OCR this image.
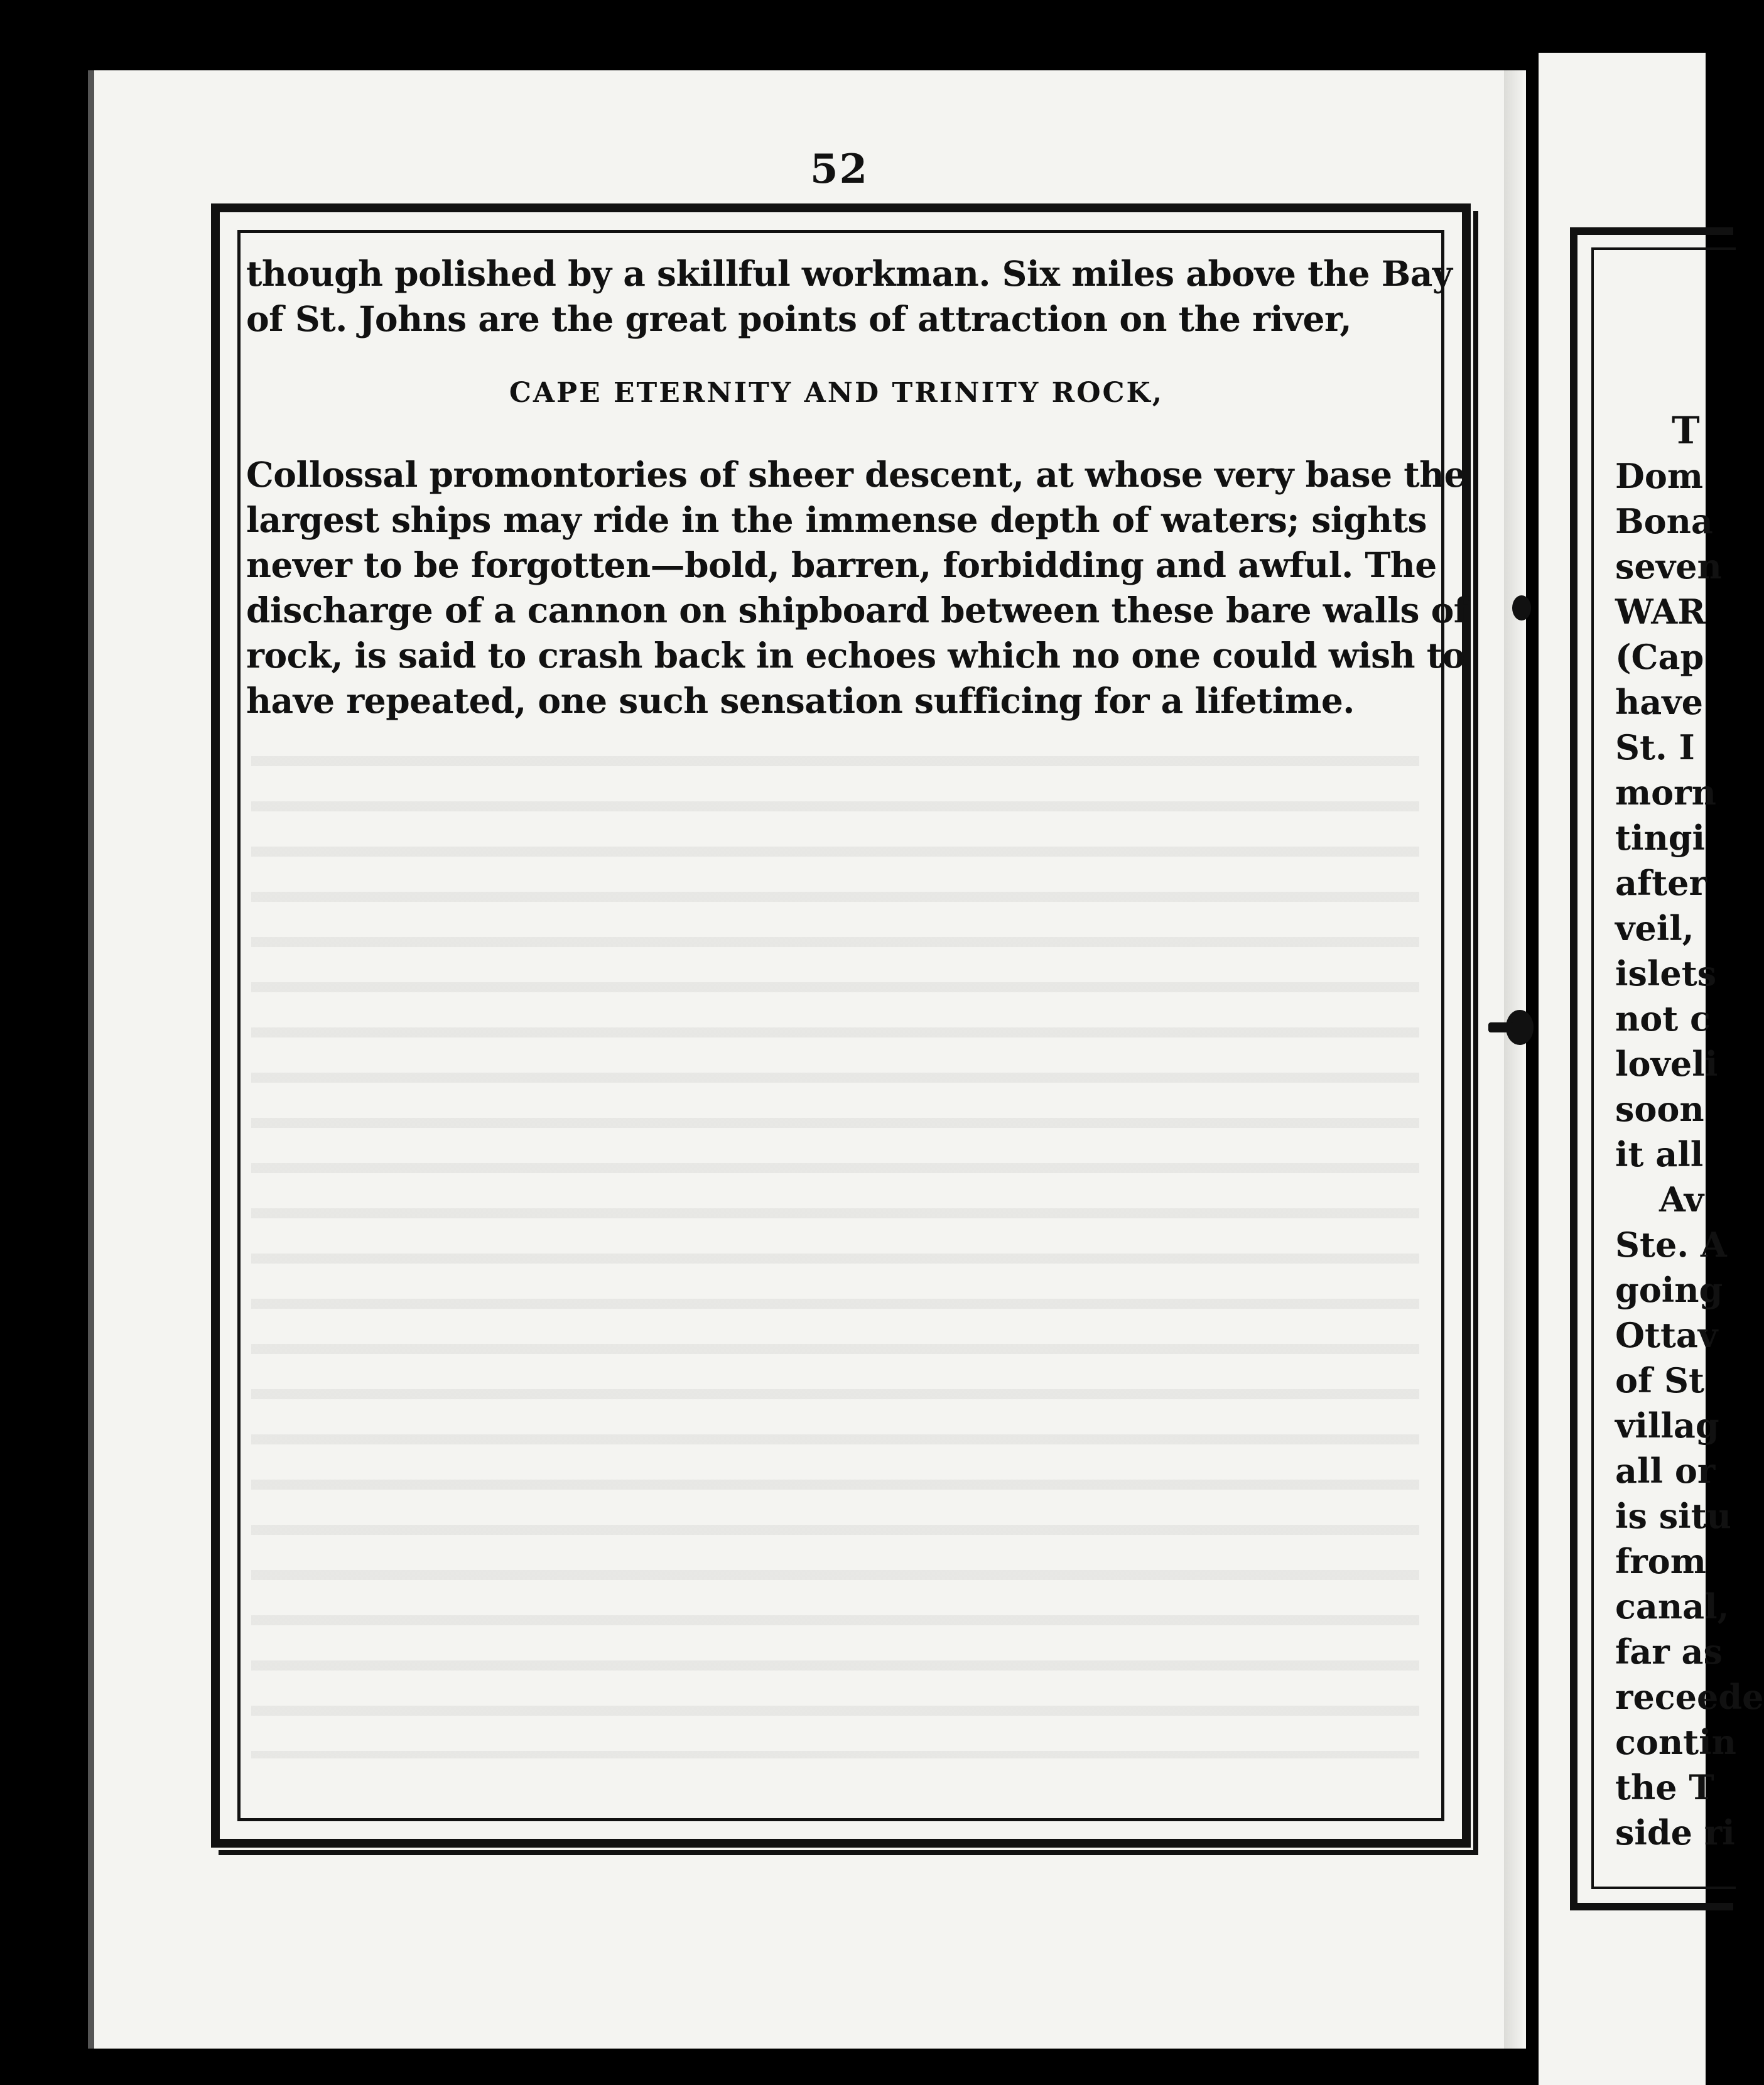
52
though polished by a skillful workman. Six miles above the Bay
of St. Johns are the great points of attraction on the river,
CAPE ETERNITY AND TRINITY ROCK,
Collossal promontories of sheer descent, at whose very base the
largest ships may ride in the immense depth of waters; sights
never to be forgotten—bold, barren, forbidding and awful. The
discharge of a cannon on shipboard between these bare walls of
rock, is said to crash back in echoes which no one could wish to
have repeated, one such sensation sufficing for a lifetime.
T
Dom
Bona
seven
WAR
(Cap
have
St. I
morn
tingi
after
veil,
islets
not c
loveli
soon
it all
Av
Ste. A
going
Ottav
of St
villag
all or
is situ
from
canal,
far as
receede
contin
the T
side ri
